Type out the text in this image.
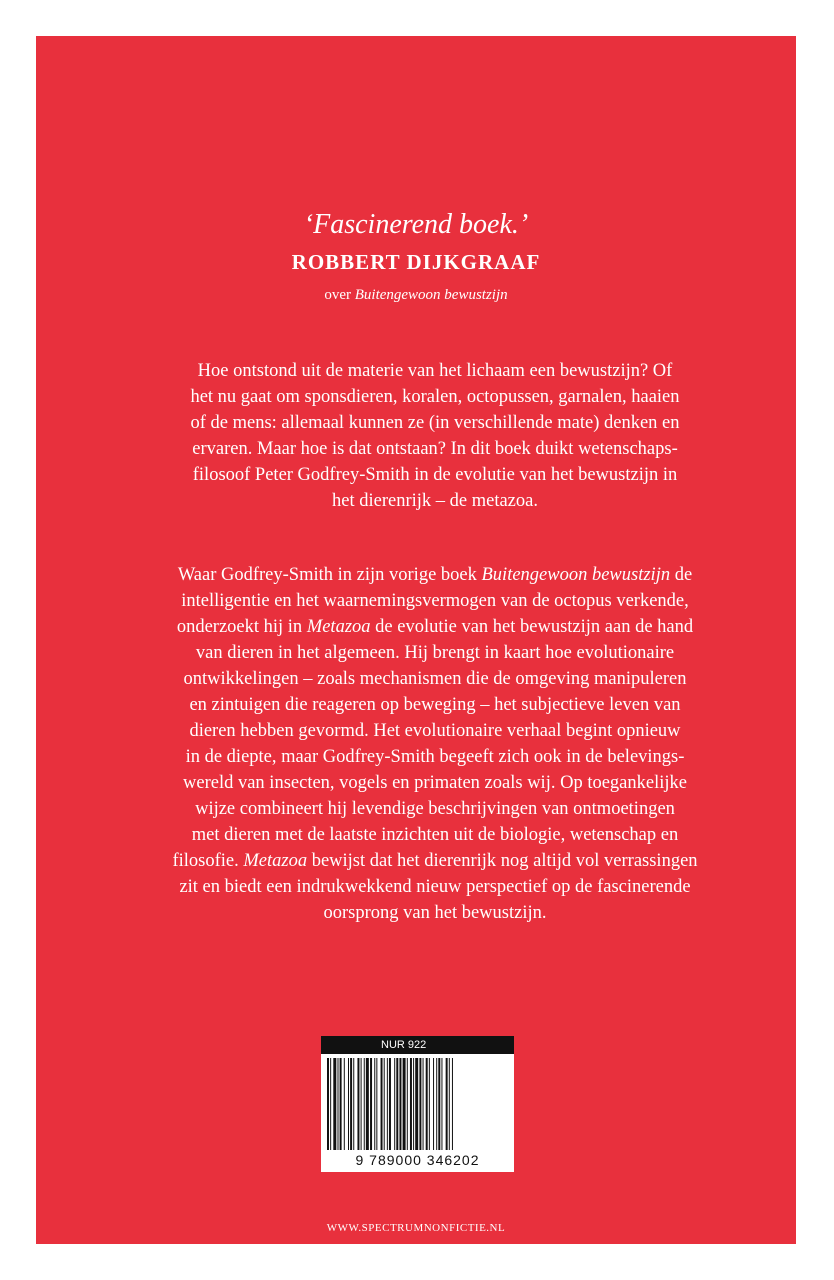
‘Fascinerend boek.’
ROBBERT DIJKGRAAF
over Buitengewoon bewustzijn
Hoe ontstond uit de materie van het lichaam een bewustzijn? Of
het nu gaat om sponsdieren, koralen, octopussen, garnalen, haaien
of de mens: allemaal kunnen ze (in verschillende mate) denken en
ervaren. Maar hoe is dat ontstaan? In dit boek duikt wetenschaps-
filosoof Peter Godfrey-Smith in de evolutie van het bewustzijn in
het dierenrijk – de metazoa.
Waar Godfrey-Smith in zijn vorige boek Buitengewoon bewustzijn de
intelligentie en het waarnemingsvermogen van de octopus verkende,
onderzoekt hij in Metazoa de evolutie van het bewustzijn aan de hand
van dieren in het algemeen. Hij brengt in kaart hoe evolutionaire
ontwikkelingen – zoals mechanismen die de omgeving manipuleren
en zintuigen die reageren op beweging – het subjectieve leven van
dieren hebben gevormd. Het evolutionaire verhaal begint opnieuw
in de diepte, maar Godfrey-Smith begeeft zich ook in de belevings-
wereld van insecten, vogels en primaten zoals wij. Op toegankelijke
wijze combineert hij levendige beschrijvingen van ontmoetingen
met dieren met de laatste inzichten uit de biologie, wetenschap en
filosofie. Metazoa bewijst dat het dierenrijk nog altijd vol verrassingen
zit en biedt een indrukwekkend nieuw perspectief op de fascinerende
oorsprong van het bewustzijn.
WWW.SPECTRUMNONFICTIE.NL
NUR 922
9 789000 346202
